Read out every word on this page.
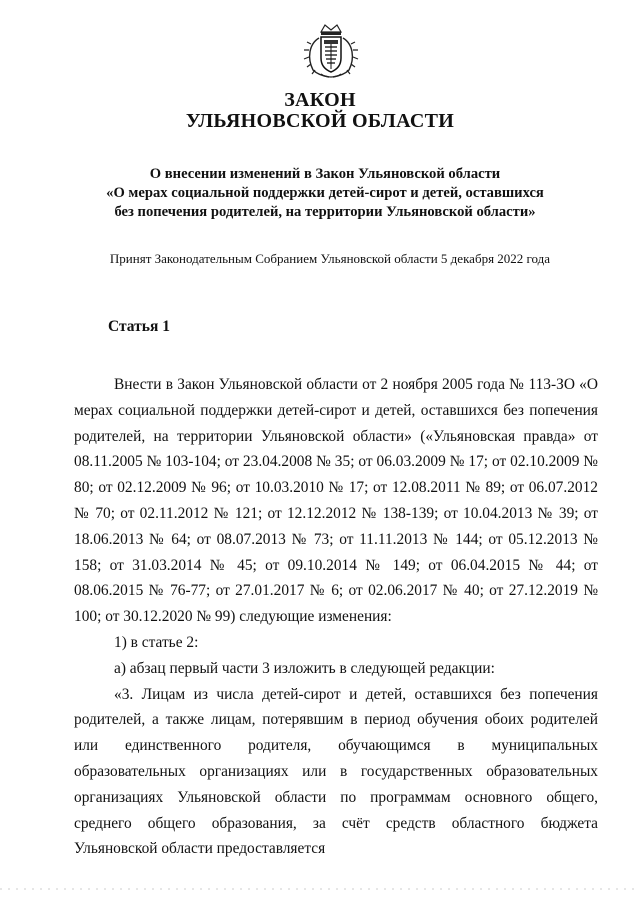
ЗАКОН
УЛЬЯНОВСКОЙ ОБЛАСТИ
О внесении изменений в Закон Ульяновской области
«О мерах социальной поддержки детей-сирот и детей, оставшихся
без попечения родителей, на территории Ульяновской области»
Принят Законодательным Собранием Ульяновской области 5 декабря 2022 года
Статья 1

Внести в Закон Ульяновской области от 2 ноября 2005 года № 113-ЗО «О мерах социальной поддержки детей-сирот и детей, оставшихся без попечения родителей, на территории Ульяновской области» («Ульяновская правда» от 08.11.2005 № 103-104; от 23.04.2008 № 35; от 06.03.2009 № 17; от 02.10.2009 № 80; от 02.12.2009 № 96; от 10.03.2010 № 17; от 12.08.2011 № 89; от 06.07.2012 № 70; от 02.11.2012 № 121; от 12.12.2012 № 138-139; от 10.04.2013 № 39; от 18.06.2013 № 64; от 08.07.2013 № 73; от 11.11.2013 № 144; от 05.12.2013 № 158; от 31.03.2014 № 45; от 09.10.2014 № 149; от 06.04.2015 № 44; от 08.06.2015 № 76-77; от 27.01.2017 № 6; от 02.06.2017 № 40; от 27.12.2019 № 100; от 30.12.2020 № 99) следующие изменения:

1) в статье 2:

а) абзац первый части 3 изложить в следующей редакции:

«3. Лицам из числа детей-сирот и детей, оставшихся без попечения родителей, а также лицам, потерявшим в период обучения обоих родителей или единственного родителя, обучающимся в муниципальных образовательных организациях или в государственных образовательных организациях Ульяновской области по программам основного общего, среднего общего образования, за счёт средств областного бюджета Ульяновской области предоставляется
